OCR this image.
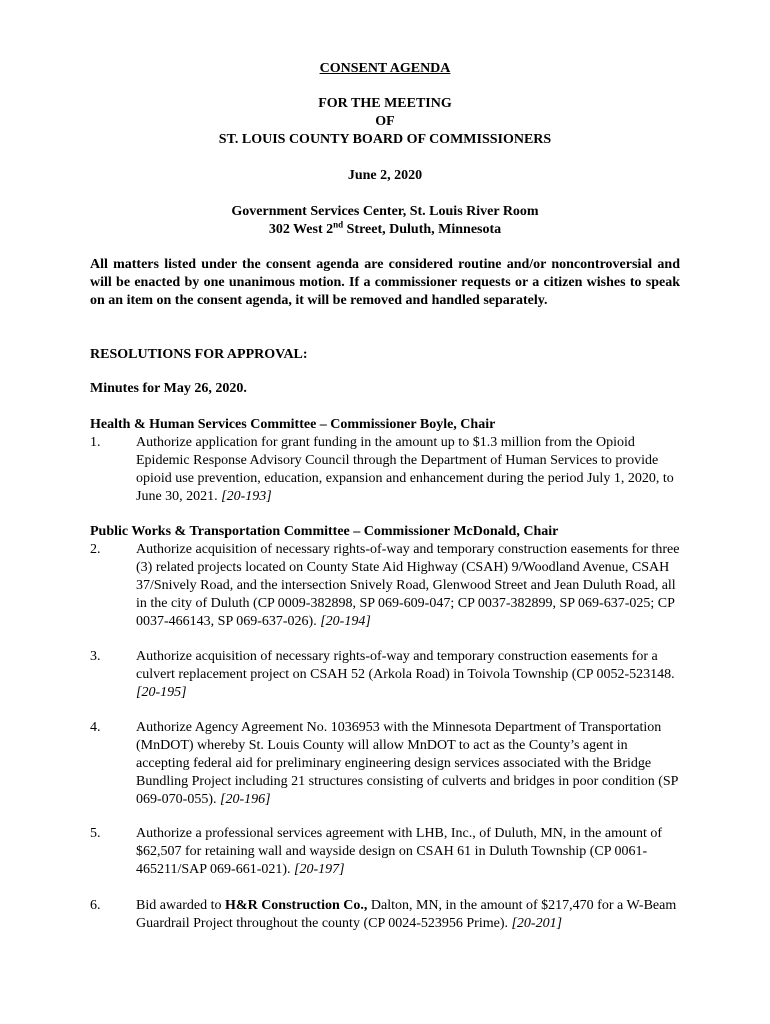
CONSENT AGENDA
FOR THE MEETING
OF
ST. LOUIS COUNTY BOARD OF COMMISSIONERS
June 2, 2020
Government Services Center, St. Louis River Room
302 West 2nd Street, Duluth, Minnesota
All matters listed under the consent agenda are considered routine and/or noncontroversial and will be enacted by one unanimous motion. If a commissioner requests or a citizen wishes to speak on an item on the consent agenda, it will be removed and handled separately.
RESOLUTIONS FOR APPROVAL:
Minutes for May 26, 2020.
Health & Human Services Committee – Commissioner Boyle, Chair
1.	Authorize application for grant funding in the amount up to $1.3 million from the Opioid Epidemic Response Advisory Council through the Department of Human Services to provide opioid use prevention, education, expansion and enhancement during the period July 1, 2020, to June 30, 2021. [20-193]
Public Works & Transportation Committee – Commissioner McDonald, Chair
2.	Authorize acquisition of necessary rights-of-way and temporary construction easements for three (3) related projects located on County State Aid Highway (CSAH) 9/Woodland Avenue, CSAH 37/Snively Road, and the intersection Snively Road, Glenwood Street and Jean Duluth Road, all in the city of Duluth (CP 0009-382898, SP 069-609-047; CP 0037-382899, SP 069-637-025; CP 0037-466143, SP 069-637-026). [20-194]
3.	Authorize acquisition of necessary rights-of-way and temporary construction easements for a culvert replacement project on CSAH 52 (Arkola Road) in Toivola Township (CP 0052-523148. [20-195]
4.	Authorize Agency Agreement No. 1036953 with the Minnesota Department of Transportation (MnDOT) whereby St. Louis County will allow MnDOT to act as the County’s agent in accepting federal aid for preliminary engineering design services associated with the Bridge Bundling Project including 21 structures consisting of culverts and bridges in poor condition (SP 069-070-055). [20-196]
5.	Authorize a professional services agreement with LHB, Inc., of Duluth, MN, in the amount of $62,507 for retaining wall and wayside design on CSAH 61 in Duluth Township (CP 0061-465211/SAP 069-661-021). [20-197]
6.	Bid awarded to H&R Construction Co., Dalton, MN, in the amount of $217,470 for a W-Beam Guardrail Project throughout the county (CP 0024-523956 Prime). [20-201]
